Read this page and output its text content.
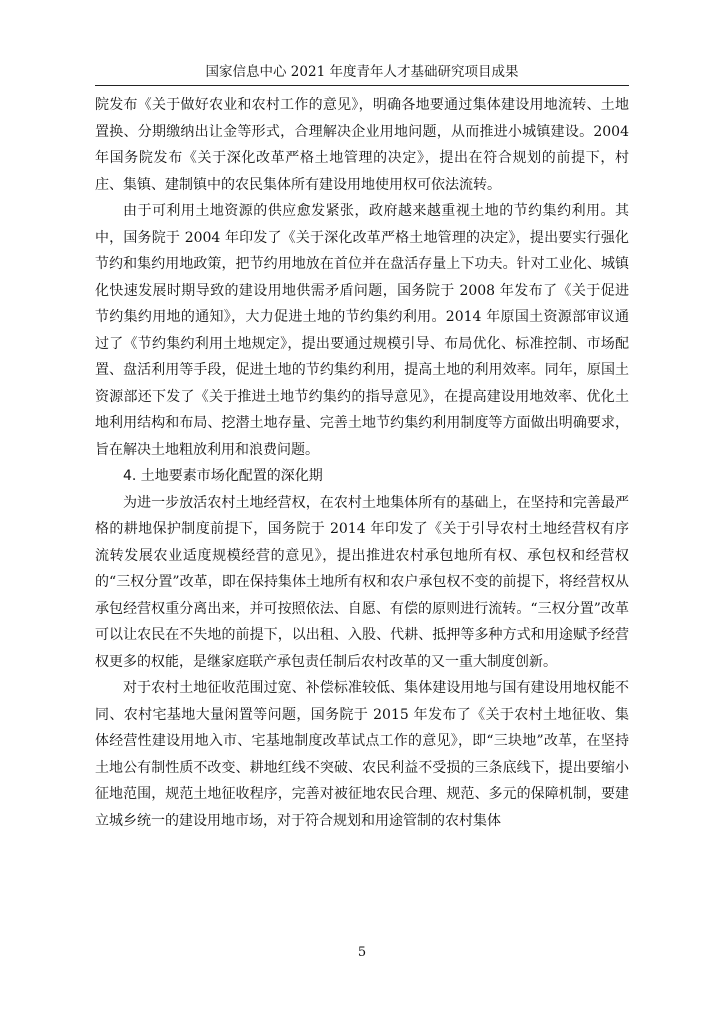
国家信息中心 2021 年度青年人才基础研究项目成果

院发布《关于做好农业和农村工作的意见》，明确各地要通过集体建设用地流转、土地置换、分期缴纳出让金等形式，合理解决企业用地问题，从而推进小城镇建设。2004 年国务院发布《关于深化改革严格土地管理的决定》，提出在符合规划的前提下，村庄、集镇、建制镇中的农民集体所有建设用地使用权可依法流转。

由于可利用土地资源的供应愈发紧张，政府越来越重视土地的节约集约利用。其中，国务院于 2004 年印发了《关于深化改革严格土地管理的决定》，提出要实行强化节约和集约用地政策，把节约用地放在首位并在盘活存量上下功夫。针对工业化、城镇化快速发展时期导致的建设用地供需矛盾问题，国务院于 2008 年发布了《关于促进节约集约用地的通知》，大力促进土地的节约集约利用。2014 年原国土资源部审议通过了《节约集约利用土地规定》，提出要通过规模引导、布局优化、标准控制、市场配置、盘活利用等手段，促进土地的节约集约利用，提高土地的利用效率。同年，原国土资源部还下发了《关于推进土地节约集约的指导意见》，在提高建设用地效率、优化土地利用结构和布局、挖潜土地存量、完善土地节约集约利用制度等方面做出明确要求，旨在解决土地粗放利用和浪费问题。

4. 土地要素市场化配置的深化期

为进一步放活农村土地经营权，在农村土地集体所有的基础上，在坚持和完善最严格的耕地保护制度前提下，国务院于 2014 年印发了《关于引导农村土地经营权有序流转发展农业适度规模经营的意见》，提出推进农村承包地所有权、承包权和经营权的“三权分置”改革，即在保持集体土地所有权和农户承包权不变的前提下，将经营权从承包经营权重分离出来，并可按照依法、自愿、有偿的原则进行流转。“三权分置”改革可以让农民在不失地的前提下，以出租、入股、代耕、抵押等多种方式和用途赋予经营权更多的权能，是继家庭联产承包责任制后农村改革的又一重大制度创新。

对于农村土地征收范围过宽、补偿标准较低、集体建设用地与国有建设用地权能不同、农村宅基地大量闲置等问题，国务院于 2015 年发布了《关于农村土地征收、集体经营性建设用地入市、宅基地制度改革试点工作的意见》，即“三块地”改革，在坚持土地公有制性质不改变、耕地红线不突破、农民利益不受损的三条底线下，提出要缩小征地范围，规范土地征收程序，完善对被征地农民合理、规范、多元的保障机制，要建立城乡统一的建设用地市场，对于符合规划和用途管制的农村集体

5
